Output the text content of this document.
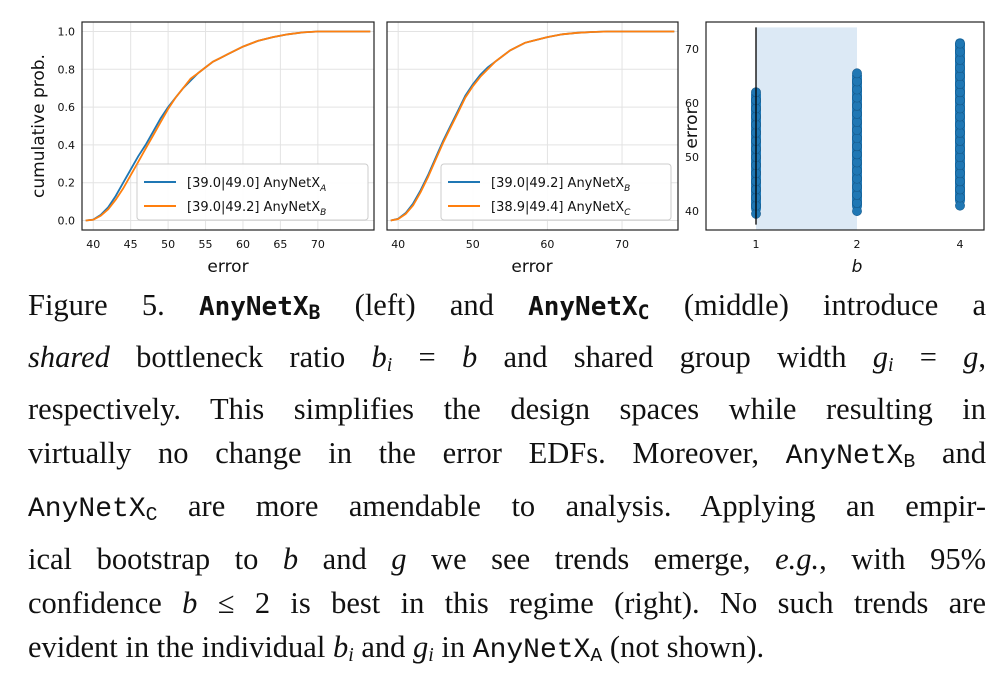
40 45 50 55 60 65 70
0.0
0.2
0.4
0.6
0.8
1.0
error
cumulative prob.	[39.0|49.0] AnyNetX$_A$
[39.0|49.2] AnyNetX$_B$
40	50	60	70
error
[39.0|49.2] AnyNetX$_B$
[38.9|49.4] AnyNetX$_C$
1	2	4
40
50
60
70
b
error
Figure 5. AnyNetX$_B$ (left) and AnyNetX$_C$ (middle) introduce a
shared bottleneck ratio $b_i = b$ and shared group width $g_i = g$,
respectively. This simplifies the design spaces while resulting in
virtually no change in the error EDFs. Moreover, AnyNetX$_B$ and
AnyNetX$_C$ are more amendable to analysis. Applying an empir-
ical bootstrap to b and g we see trends emerge, e.g., with 95%
confidence b ≤ 2 is best in this regime (right). No such trends are
evident in the individual $b_i$ and $g_i$ in AnyNetX$_A$ (not shown).
